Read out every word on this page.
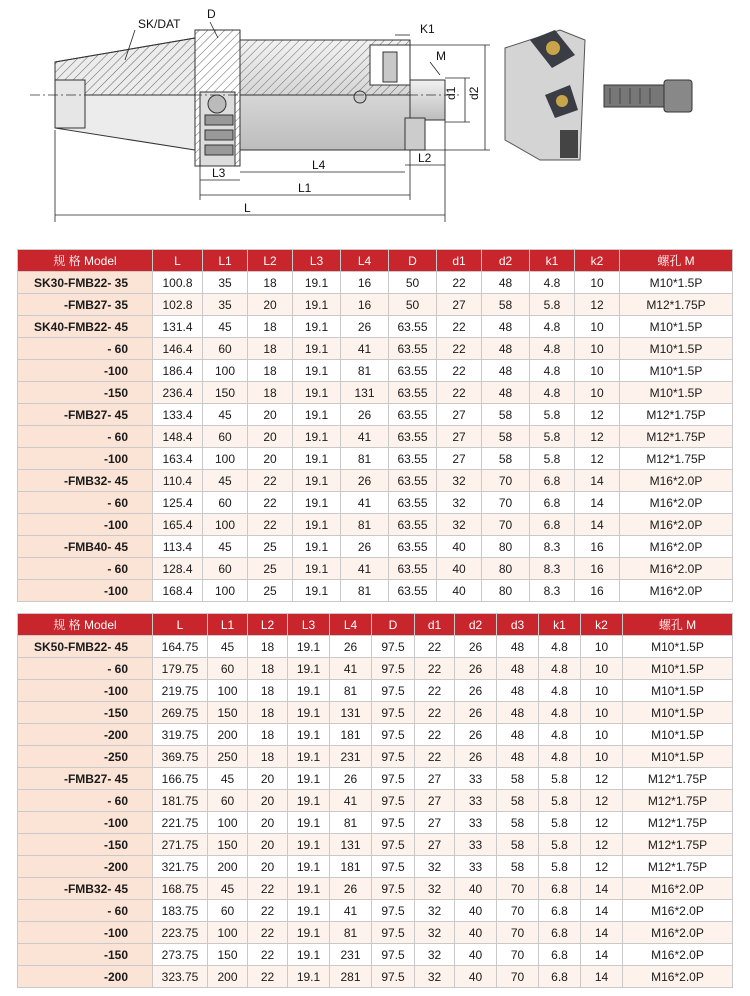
SK/DAT
D
K1
M
d1 d2
L2
L4
L3
L1
L
规 格 Model	L	L1	L2	L3	L4	D	d1	d2	k1	k2	螺孔 M
SK30-FMB22- 35	100.8	35	18	19.1	16	50	22	48	4.8	10	M10*1.5P
-FMB27- 35	102.8	35	20	19.1	16	50	27	58	5.8	12	M12*1.75P
SK40-FMB22- 45	131.4	45	18	19.1	26	63.55	22	48	4.8	10	M10*1.5P
- 60	146.4	60	18	19.1	41	63.55	22	48	4.8	10	M10*1.5P
-100	186.4	100	18	19.1	81	63.55	22	48	4.8	10	M10*1.5P
-150	236.4	150	18	19.1	131	63.55	22	48	4.8	10	M10*1.5P
-FMB27- 45	133.4	45	20	19.1	26	63.55	27	58	5.8	12	M12*1.75P
- 60	148.4	60	20	19.1	41	63.55	27	58	5.8	12	M12*1.75P
-100	163.4	100	20	19.1	81	63.55	27	58	5.8	12	M12*1.75P
-FMB32- 45	110.4	45	22	19.1	26	63.55	32	70	6.8	14	M16*2.0P
- 60	125.4	60	22	19.1	41	63.55	32	70	6.8	14	M16*2.0P
-100	165.4	100	22	19.1	81	63.55	32	70	6.8	14	M16*2.0P
-FMB40- 45	113.4	45	25	19.1	26	63.55	40	80	8.3	16	M16*2.0P
- 60	128.4	60	25	19.1	41	63.55	40	80	8.3	16	M16*2.0P
-100	168.4	100	25	19.1	81	63.55	40	80	8.3	16	M16*2.0P
规 格 Model	L	L1	L2	L3	L4	D	d1	d2	d3	k1	k2	螺孔 M
SK50-FMB22- 45	164.75	45	18	19.1	26	97.5	22	26	48	4.8	10	M10*1.5P
- 60	179.75	60	18	19.1	41	97.5	22	26	48	4.8	10	M10*1.5P
-100	219.75	100	18	19.1	81	97.5	22	26	48	4.8	10	M10*1.5P
-150	269.75	150	18	19.1	131	97.5	22	26	48	4.8	10	M10*1.5P
-200	319.75	200	18	19.1	181	97.5	22	26	48	4.8	10	M10*1.5P
-250	369.75	250	18	19.1	231	97.5	22	26	48	4.8	10	M10*1.5P
-FMB27- 45	166.75	45	20	19.1	26	97.5	27	33	58	5.8	12	M12*1.75P
- 60	181.75	60	20	19.1	41	97.5	27	33	58	5.8	12	M12*1.75P
-100	221.75	100	20	19.1	81	97.5	27	33	58	5.8	12	M12*1.75P
-150	271.75	150	20	19.1	131	97.5	27	33	58	5.8	12	M12*1.75P
-200	321.75	200	20	19.1	181	97.5	32	33	58	5.8	12	M12*1.75P
-FMB32- 45	168.75	45	22	19.1	26	97.5	32	40	70	6.8	14	M16*2.0P
- 60	183.75	60	22	19.1	41	97.5	32	40	70	6.8	14	M16*2.0P
-100	223.75	100	22	19.1	81	97.5	32	40	70	6.8	14	M16*2.0P
-150	273.75	150	22	19.1	231	97.5	32	40	70	6.8	14	M16*2.0P
-200	323.75	200	22	19.1	281	97.5	32	40	70	6.8	14	M16*2.0P
